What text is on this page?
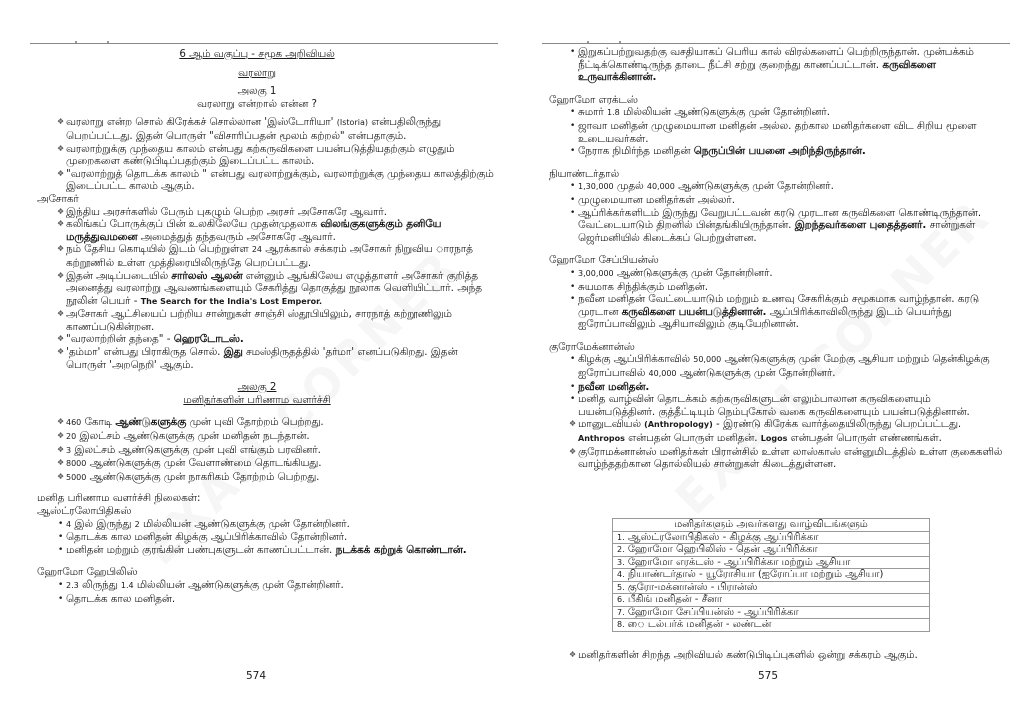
6 ஆம் வகுப்பு - சமூக அறிவியல்
வரலாறு
அலகு 1
வரலாறு என்றால் என்ன ?
❖ வரலாறு என்ற சொல் கிரேக்கச் சொல்லான 'இஸ்டோரியா' (Istoria) என்பதிலிருந்து பெறப்பட்டது. இதன் பொருள் "விசாரிப்பதன் மூலம் கற்றல்" என்பதாகும்.
❖ வரலாற்றுக்கு முந்தைய காலம் என்பது கற்கருவிகளை பயன்படுத்தியதற்கும் எழுதும் முறைகளை கண்டுபிடிப்பதற்கும் இடைப்பட்ட காலம்.
❖ "வரலாற்றுத் தொடக்க காலம் " என்பது வரலாற்றுக்கும், வரலாற்றுக்கு முந்தைய காலத்திற்கும் இடைப்பட்ட காலம் ஆகும்.
அசோகர்
❖ இந்திய அரசர்களில் பேரும் புகழும் பெற்ற அரசர் அசோகரே ஆவார்.
❖ கலிங்கப் போருக்குப் பின் உலகிலேயே முதன்முதலாக விலங்குகளுக்கும் தனியே மருத்துவமனை அமைத்துத் தந்தவரும் அசோகரே ஆவார்.
❖ நம் தேசிய கொடியில் இடம் பெற்றுள்ள 24 ஆரக்கால் சக்கரம் அசோகர் நிறுவிய ாரநாத் கற்றூணில் உள்ள முத்திரையிலிருந்தே பெறப்பட்டது.
❖ இதன் அடிப்படையில் சார்லஸ் ஆலன் என்னும் ஆங்கிலேய எழுத்தாளர் அசோகர் குறித்த அனைத்து வரலாற்று ஆவணங்களையும் சேகரித்து தொகுத்து நூலாக வெளியிட்டார். அந்த நூலின் பெயர் - The Search for the India's Lost Emperor.
❖ அசோகர் ஆட்சியைப் பற்றிய சான்றுகள் சாஞ்சி ஸ்தூபியிலும், சாரநாத் கற்றூணிலும் காணப்படுகின்றன.
❖ "வரலாற்றின் தந்தை" - ஹெரடோடஸ்.
❖ 'தம்மா' என்பது பிராகிருத சொல். இது சமஸ்திருதத்தில் 'தர்மா' எனப்படுகிறது. இதன் பொருள் 'அறநெறி' ஆகும்.
அலகு 2
மனிதர்களின் பரிணாம வளர்ச்சி
❖ 460 கோடி ஆண்டுகளுக்கு முன் புவி தோற்றம் பெற்றது.
❖ 20 இலட்சம் ஆண்டுகளுக்கு முன் மனிதன் நடந்தான்.
❖ 3 இலட்சம் ஆண்டுகளுக்கு முன் புவி எங்கும் பரவினர்.
❖ 8000 ஆண்டுகளுக்கு முன் வேளாண்மை தொடங்கியது.
❖ 5000 ஆண்டுகளுக்கு முன் நாகரிகம் தோற்றம் பெற்றது.
மனித பரிணாம வளர்ச்சி நிலைகள்:
ஆஸ்ட்ரலோபிதிகஸ்
• 4 இல் இருந்து 2 மில்லியன் ஆண்டுகளுக்கு முன் தோன்றினர்.
• தொடக்க கால மனிதன் கிழக்கு ஆப்பிரிக்காவில் தோன்றினர்.
• மனிதன் மற்றும் குரங்கின் பண்புகளுடன் காணப்பட்டான். நடக்கக் கற்றுக் கொண்டான்.
ஹோமோ ஹேபிலிஸ்
• 2.3 லிருந்து 1.4 மில்லியன் ஆண்டுகளுக்கு முன் தோன்றினர்.
• தொடக்க கால மனிதன்.
574
• இறுகப்பற்றுவதற்கு வசதியாகப் பெரிய கால் விரல்களைப் பெற்றிருந்தான். முன்பக்கம் நீட்டிக்கொண்டிருந்த தாடை நீட்சி சற்று குறைந்து காணப்பட்டான். கருவிகளை உருவாக்கினான்.
ஹோமோ எரக்டஸ்
• சுமார் 1.8 மில்லியன் ஆண்டுகளுக்கு முன் தோன்றினர்.
• ஜாவா மனிதன் முழுமையான மனிதன் அல்ல. தற்கால மனிதர்களை விட சிறிய மூளை உடையவர்கள்.
• நேராக நிமிர்ந்த மனிதன் நெருப்பின் பயனை அறிந்திருந்தான்.
நியாண்டர்தால்
• 1,30,000 முதல் 40,000 ஆண்டுகளுக்கு முன் தோன்றினர்.
• முழுமையான மனிதர்கள் அல்லர்.
• ஆப்ரிக்கர்களிடம் இருந்து வேறுபட்டவன் கரடு முரடான கருவிகளை கொண்டிருந்தான். வேட்டையாடும் திறனில் பின்தங்கியிருந்தான். இறந்தவர்களை புதைத்தனர். சான்றுகள் ஜெர்மனியில் கிடைக்கப் பெற்றுள்ளன.
ஹோமோ சேப்பியன்ஸ்
• 3,00,000 ஆண்டுகளுக்கு முன் தோன்றினர்.
• சுயமாக சிந்திக்கும் மனிதன்.
• நவீன மனிதன் வேட்டையாடும் மற்றும் உணவு சேகரிக்கும் சமூகமாக வாழ்ந்தான். கரடு முரடான கருவிகளை பயன்படுத்தினான். ஆப்பிரிக்காவிலிருந்து இடம் பெயர்ந்து ஐரோப்பாவிலும் ஆசியாவிலும் குடியேறினான்.
குரோமேக்னான்ஸ்
• கிழக்கு ஆப்பிரிக்காவில் 50,000 ஆண்டுகளுக்கு முன் மேற்கு ஆசியா மற்றும் தென்கிழக்கு ஐரோப்பாவில் 40,000 ஆண்டுகளுக்கு முன் தோன்றினர்.
• நவீன மனிதன்.
• மனித வாழ்வின் தொடக்கம் கற்கருவிகளுடன் எலும்பாலான கருவிகளையும் பயன்படுத்தினர். குத்தீட்டியும் நெம்புகோல் வகை கருவிகளையும் பயன்படுத்தினான்.
❖ மானுடவியல் (Anthropology) - இரண்டு கிரேக்க வார்த்தையிலிருந்து பெறப்பட்டது. Anthropos என்பதன் பொருள் மனிதன். Logos என்பதன் பொருள் எண்ணங்கள்.
❖ குரோமக்னான்ஸ் மனிதர்கள் பிரான்சில் உள்ள லாஸ்காஸ் என்னுமிடத்தில் உள்ள குகைகளில் வாழ்ந்ததற்கான தொல்லியல் சான்றுகள் கிடைத்துள்ளன.
மனிதர்களும் அவர்களது வாழ்விடங்களும்
1. ஆஸ்ட்ரலோபிதிகஸ் - கிழக்கு ஆப்பிரிக்கா
2. ஹோமோ ஹெபிலிஸ் - தென் ஆப்பிரிக்கா
3. ஹோமோ எரக்டஸ் - ஆப்பிரிக்கா மற்றும் ஆசியா
4. நியாண்டர்தால் - யூரோசியா (ஐரோப்பா மற்றும் ஆசியா)
5. குரோ-மக்னான்ஸ் - பிரான்ஸ்
6. பீகிங் மனிதன் - சீனா
7. ஹோமோ சேப்பியன்ஸ் - ஆப்பிரிக்கா
8. ை டல்பர்க் மனிதன் - லண்டன்
❖ மனிதர்களின் சிறந்த அறிவியல் கண்டுபிடிப்புகளில் ஒன்று சக்கரம் ஆகும்.
575
